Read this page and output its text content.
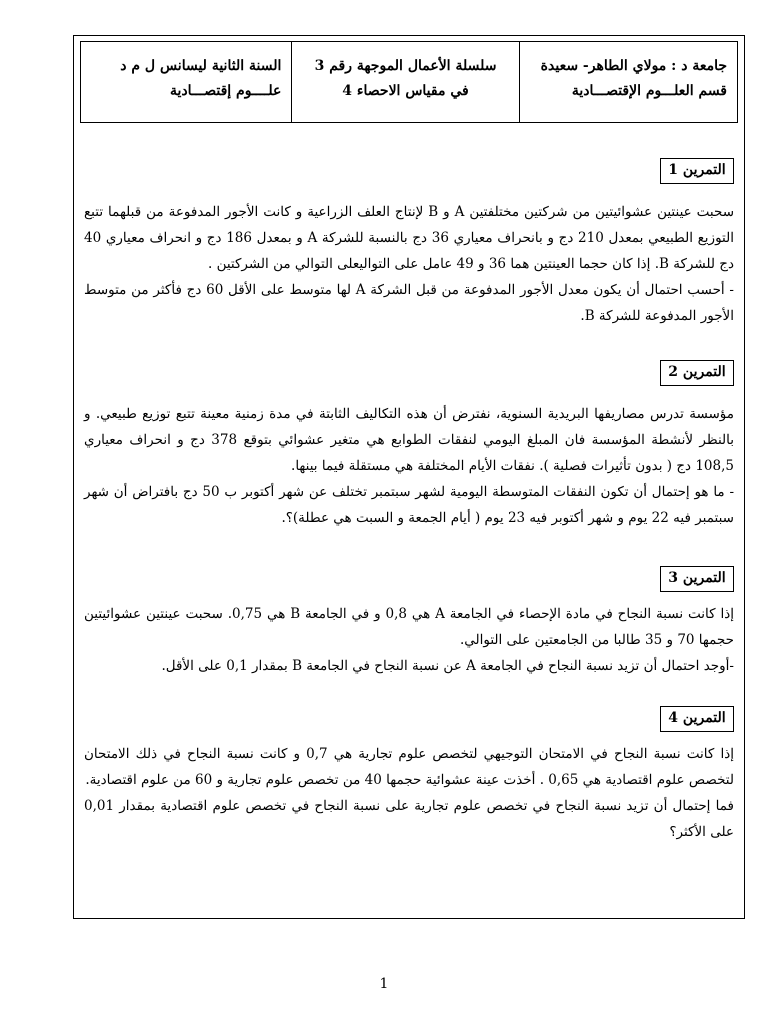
جامعة د : مولاي الطاهر- سعيدة
قسم العلـــوم الإقتصـــادية
سلسلة الأعمال الموجهة رقم 3
في مقياس الاحصاء 4
السنة الثانية ليسانس ل م د
علــــوم إقتصـــادية
التمرين 1

سحبت عينتين عشوائيتين من شركتين مختلفتين A و B لإنتاج العلف الزراعية و كانت الأجور المدفوعة من قبلهما تتبع التوزيع الطبيعي بمعدل 210 دج و بانحراف معياري 36 دج بالنسبة للشركة A و بمعدل 186 دج و انحراف معياري 40 دج للشركة B. إذا كان حجما العينتين هما 36 و 49 عامل على التواليعلى التوالي من الشركتين .

- أحسب احتمال أن يكون معدل الأجور المدفوعة من قبل الشركة A لها متوسط على الأقل 60 دج فأكثر من متوسط الأجور المدفوعة للشركة B.

التمرين 2

مؤسسة تدرس مصاريفها البريدية السنوية، نفترض أن هذه التكاليف الثابتة في مدة زمنية معينة تتبع توزيع طبيعي. و بالنظر لأنشطة المؤسسة فان المبلغ اليومي لنفقات الطوابع هي متغير عشوائي بتوقع 378 دج و انحراف معياري 108,5 دج ( بدون تأثيرات فصلية ). نفقات الأيام المختلفة هي مستقلة فيما بينها.

- ما هو إحتمال أن تكون النفقات المتوسطة اليومية لشهر سبتمبر تختلف عن شهر أكتوبر ب 50 دج بافتراض أن شهر سبتمبر فيه 22 يوم و شهر أكتوبر فيه 23 يوم ( أيام الجمعة و السبت هي عطلة)؟.

التمرين 3

إذا كانت نسبة النجاح في مادة الإحصاء في الجامعة A هي 0,8 و في الجامعة B هي 0,75. سحبت عينتين عشوائيتين حجمها 70 و 35 طالبا من الجامعتين على التوالي.

-أوجد احتمال أن تزيد نسبة النجاح في الجامعة A عن نسبة النجاح في الجامعة B بمقدار 0,1 على الأقل.

التمرين 4

إذا كانت نسبة النجاح في الامتحان التوجيهي لتخصص علوم تجارية هي 0,7 و كانت نسبة النجاح في ذلك الامتحان لتخصص علوم اقتصادية هي 0,65 . أخذت عينة عشوائية حجمها 40 من تخصص علوم تجارية و 60 من علوم اقتصادية.

فما إحتمال أن تزيد نسبة النجاح في تخصص علوم تجارية على نسبة النجاح في تخصص علوم اقتصادية بمقدار 0,01 على الأكثر؟

1
